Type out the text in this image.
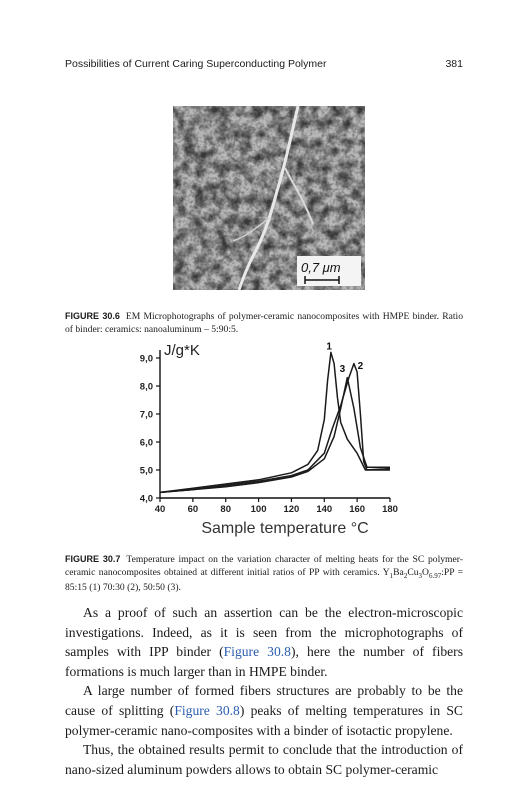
Possibilities of Current Caring Superconducting Polymer	381
0,7 μm
FIGURE 30.6 EM Microphotographs of polymer-ceramic nanocomposites with HMPE binder. Ratio of binder: ceramics: nanoaluminum – 5:90:5.
40 60 80 100 120 140 160 180
4,0
5,0
6,0
7,0
8,0
9,0 J/g*K
Sample temperature °C
1
2
3
FIGURE 30.7 Temperature impact on the variation character of melting heats for the SC polymer-ceramic nanocomposites obtained at different initial ratios of PP with ceramics. $Y_1Ba_2Cu_3O_{6.97}:PP$ = 85:15 (1) 70:30 (2), 50:50 (3).

As a proof of such an assertion can be the electron-microscopic investigations. Indeed, as it is seen from the microphotographs of samples with IPP binder (Figure 30.8), here the number of fibers formations is much larger than in HMPE binder.

A large number of formed fibers structures are probably to be the cause of splitting (Figure 30.8) peaks of melting temperatures in SC polymer-ceramic nano-composites with a binder of isotactic propylene.

Thus, the obtained results permit to conclude that the introduction of nano-sized aluminum powders allows to obtain SC polymer-ceramic
